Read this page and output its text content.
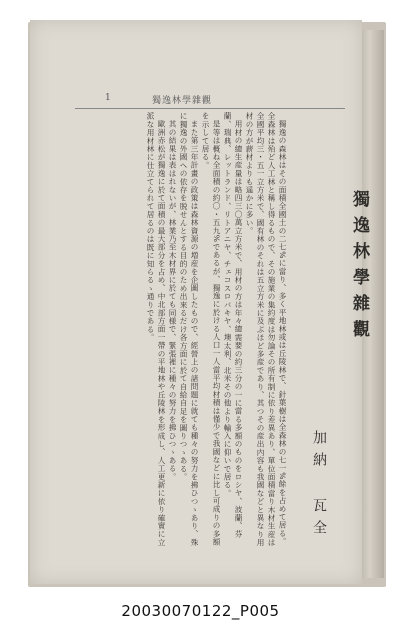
1	獨逸林學雜觀
獨逸林學雜觀
加納 瓦全

獨逸の森林はその面積全國土の二七%に當り、多く平地林或は丘陵林で、針葉樹は全森林の七一%餘を占めて居る。全森林は殆ど人工林と稱し得るもので、その施業の集約度は勿論その所有制に依り差異あり、單位面積當り木材生産は全國平均三・五一立方米で、國有林のそれは五立方米に及ぶほど多産であり、其つその産出内容も我國などと異なり用材の方が薪材よりも遥かに多い。

用材の總生産量は略四三〇萬立方米で、用材の方は年々總需要の約三分の一に當る多額のものをロシヤ、波蘭、芬蘭、瑞典、レットランド、リトアニヤ、チェコスロバキヤ、墺太利、北米その他より輸入に仰いで居る。

是等は概ね全面積の約〇・五九%であるが、獨逸に於ける人口一人當平均材積は僅少で我國などに比し可成りの多額を示して居る。

また第三年計畫の政策は森林資源の増産を企圖したもので、經營上の諸問題に就ても種々の努力を拂ひつゝあり、殊に獨逸の外國への依存を脱せんとする目的のため出來るだけ各方面に於て自給自足を圖りつゝある。

其の結果は表はれないが、林業乃至木材界に於ても同様で、緊張裡に種々の努力を拂ひつゝある。

歐洲赤松が獨逸に於て面積の最大部分を占め、中北部方面一帶の平地林や丘陵林を形成し、人工更新に依り確實に立派な用材林に仕立てられて居るのは既に知らるゝ通りである。

20030070122_P005
